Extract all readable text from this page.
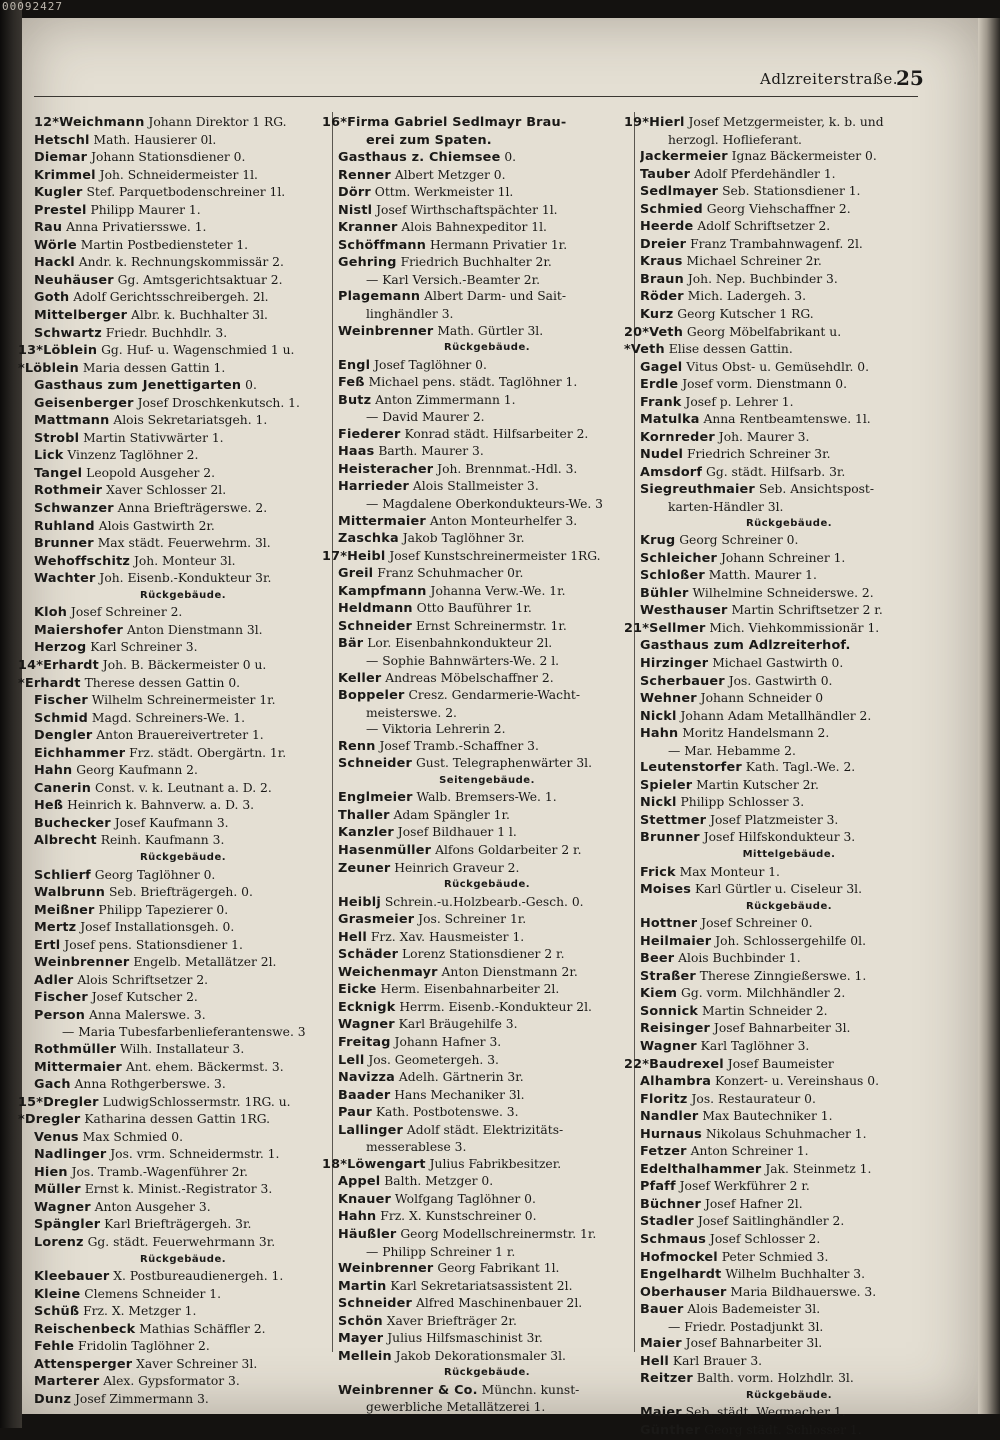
00092427
Adlzreiterstraße.
25
12*Weichmann Johann Direktor 1 RG.
Hetschl Math. Hausierer 0l.
Diemar Johann Stationsdiener 0.
Krimmel Joh. Schneidermeister 1l.
Kugler Stef. Parquetbodenschreiner 1l.
Prestel Philipp Maurer 1.
Rau Anna Privatiersswe. 1.
Wörle Martin Postbediensteter 1.
Hackl Andr. k. Rechnungskommissär 2.
Neuhäuser Gg. Amtsgerichtsaktuar 2.
Goth Adolf Gerichtsschreibergeh. 2l.
Mittelberger Albr. k. Buchhalter 3l.
Schwartz Friedr. Buchhdlr. 3.
13*Löblein Gg. Huf- u. Wagenschmied 1 u.
*Löblein Maria dessen Gattin 1.
Gasthaus zum Jenettigarten 0.
Geisenberger Josef Droschkenkutsch. 1.
Mattmann Alois Sekretariatsgeh. 1.
Strobl Martin Stativwärter 1.
Lick Vinzenz Taglöhner 2.
Tangel Leopold Ausgeher 2.
Rothmeir Xaver Schlosser 2l.
Schwanzer Anna Briefträgerswe. 2.
Ruhland Alois Gastwirth 2r.
Brunner Max städt. Feuerwehrm. 3l.
Wehoffschitz Joh. Monteur 3l.
Wachter Joh. Eisenb.-Kondukteur 3r.
Rückgebäude.
Kloh Josef Schreiner 2.
Maiershofer Anton Dienstmann 3l.
Herzog Karl Schreiner 3.
14*Erhardt Joh. B. Bäckermeister 0 u.
*Erhardt Therese dessen Gattin 0.
Fischer Wilhelm Schreinermeister 1r.
Schmid Magd. Schreiners-We. 1.
Dengler Anton Brauereivertreter 1.
Eichhammer Frz. städt. Obergärtn. 1r.
Hahn Georg Kaufmann 2.
Canerin Const. v. k. Leutnant a. D. 2.
Heß Heinrich k. Bahnverw. a. D. 3.
Buchecker Josef Kaufmann 3.
Albrecht Reinh. Kaufmann 3.
Rückgebäude.
Schlierf Georg Taglöhner 0.
Walbrunn Seb. Briefträgergeh. 0.
Meißner Philipp Tapezierer 0.
Mertz Josef Installationsgeh. 0.
Ertl Josef pens. Stationsdiener 1.
Weinbrenner Engelb. Metallätzer 2l.
Adler Alois Schriftsetzer 2.
Fischer Josef Kutscher 2.
Person Anna Malerswe. 3.
— Maria Tubesfarbenlieferantenswe. 3
Rothmüller Wilh. Installateur 3.
Mittermaier Ant. ehem. Bäckermst. 3.
Gach Anna Rothgerberswe. 3.
15*Dregler LudwigSchlossermstr. 1RG. u.
*Dregler Katharina dessen Gattin 1RG.
Venus Max Schmied 0.
Nadlinger Jos. vrm. Schneidermstr. 1.
Hien Jos. Tramb.-Wagenführer 2r.
Müller Ernst k. Minist.-Registrator 3.
Wagner Anton Ausgeher 3.
Spängler Karl Briefträgergeh. 3r.
Lorenz Gg. städt. Feuerwehrmann 3r.
Rückgebäude.
Kleebauer X. Postbureaudienergeh. 1.
Kleine Clemens Schneider 1.
Schüß Frz. X. Metzger 1.
Reischenbeck Mathias Schäffler 2.
Fehle Fridolin Taglöhner 2.
Attensperger Xaver Schreiner 3l.
Marterer Alex. Gypsformator 3.
Dunz Josef Zimmermann 3.
16*Firma Gabriel Sedlmayr Brau-
erei zum Spaten.
Gasthaus z. Chiemsee 0.
Renner Albert Metzger 0.
Dörr Ottm. Werkmeister 1l.
Nistl Josef Wirthschaftspächter 1l.
Kranner Alois Bahnexpeditor 1l.
Schöffmann Hermann Privatier 1r.
Gehring Friedrich Buchhalter 2r.
— Karl Versich.-Beamter 2r.
Plagemann Albert Darm- und Sait-
linghändler 3.
Weinbrenner Math. Gürtler 3l.
Rückgebäude.
Engl Josef Taglöhner 0.
Feß Michael pens. städt. Taglöhner 1.
Butz Anton Zimmermann 1.
— David Maurer 2.
Fiederer Konrad städt. Hilfsarbeiter 2.
Haas Barth. Maurer 3.
Heisteracher Joh. Brennmat.-Hdl. 3.
Harrieder Alois Stallmeister 3.
— Magdalene Oberkondukteurs-We. 3
Mittermaier Anton Monteurhelfer 3.
Zaschka Jakob Taglöhner 3r.
17*Heibl Josef Kunstschreinermeister 1RG.
Greil Franz Schuhmacher 0r.
Kampfmann Johanna Verw.-We. 1r.
Heldmann Otto Bauführer 1r.
Schneider Ernst Schreinermstr. 1r.
Bär Lor. Eisenbahnkondukteur 2l.
— Sophie Bahnwärters-We. 2 l.
Keller Andreas Möbelschaffner 2.
Boppeler Cresz. Gendarmerie-Wacht-
meisterswe. 2.
— Viktoria Lehrerin 2.
Renn Josef Tramb.-Schaffner 3.
Schneider Gust. Telegraphenwärter 3l.
Seitengebäude.
Englmeier Walb. Bremsers-We. 1.
Thaller Adam Spängler 1r.
Kanzler Josef Bildhauer 1 l.
Hasenmüller Alfons Goldarbeiter 2 r.
Zeuner Heinrich Graveur 2.
Rückgebäude.
Heiblj Schrein.-u.Holzbearb.-Gesch. 0.
Grasmeier Jos. Schreiner 1r.
Hell Frz. Xav. Hausmeister 1.
Schäder Lorenz Stationsdiener 2 r.
Weichenmayr Anton Dienstmann 2r.
Eicke Herm. Eisenbahnarbeiter 2l.
Ecknigk Herrm. Eisenb.-Kondukteur 2l.
Wagner Karl Bräugehilfe 3.
Freitag Johann Hafner 3.
Lell Jos. Geometergeh. 3.
Navizza Adelh. Gärtnerin 3r.
Baader Hans Mechaniker 3l.
Paur Kath. Postbotenswe. 3.
Lallinger Adolf städt. Elektrizitäts-
messerablese 3.
18*Löwengart Julius Fabrikbesitzer.
Appel Balth. Metzger 0.
Knauer Wolfgang Taglöhner 0.
Hahn Frz. X. Kunstschreiner 0.
Häußler Georg Modellschreinermstr. 1r.
— Philipp Schreiner 1 r.
Weinbrenner Georg Fabrikant 1l.
Martin Karl Sekretariatsassistent 2l.
Schneider Alfred Maschinenbauer 2l.
Schön Xaver Briefträger 2r.
Mayer Julius Hilfsmaschinist 3r.
Mellein Jakob Dekorationsmaler 3l.
Rückgebäude.
Weinbrenner & Co. Münchn. kunst-
gewerbliche Metallätzerei 1.
19*Hierl Josef Metzgermeister, k. b. und
herzogl. Hoflieferant.
Jackermeier Ignaz Bäckermeister 0.
Tauber Adolf Pferdehändler 1.
Sedlmayer Seb. Stationsdiener 1.
Schmied Georg Viehschaffner 2.
Heerde Adolf Schriftsetzer 2.
Dreier Franz Trambahnwagenf. 2l.
Kraus Michael Schreiner 2r.
Braun Joh. Nep. Buchbinder 3.
Röder Mich. Ladergeh. 3.
Kurz Georg Kutscher 1 RG.
20*Veth Georg Möbelfabrikant u.
*Veth Elise dessen Gattin.
Gagel Vitus Obst- u. Gemüsehdlr. 0.
Erdle Josef vorm. Dienstmann 0.
Frank Josef p. Lehrer 1.
Matulka Anna Rentbeamtenswe. 1l.
Kornreder Joh. Maurer 3.
Nudel Friedrich Schreiner 3r.
Amsdorf Gg. städt. Hilfsarb. 3r.
Siegreuthmaier Seb. Ansichtspost-
karten-Händler 3l.
Rückgebäude.
Krug Georg Schreiner 0.
Schleicher Johann Schreiner 1.
Schloßer Matth. Maurer 1.
Bühler Wilhelmine Schneiderswe. 2.
Westhauser Martin Schriftsetzer 2 r.
21*Sellmer Mich. Viehkommissionär 1.
Gasthaus zum Adlzreiterhof.
Hirzinger Michael Gastwirth 0.
Scherbauer Jos. Gastwirth 0.
Wehner Johann Schneider 0
Nickl Johann Adam Metallhändler 2.
Hahn Moritz Handelsmann 2.
— Mar. Hebamme 2.
Leutenstorfer Kath. Tagl.-We. 2.
Spieler Martin Kutscher 2r.
Nickl Philipp Schlosser 3.
Stettmer Josef Platzmeister 3.
Brunner Josef Hilfskondukteur 3.
Mittelgebäude.
Frick Max Monteur 1.
Moises Karl Gürtler u. Ciseleur 3l.
Rückgebäude.
Hottner Josef Schreiner 0.
Heilmaier Joh. Schlossergehilfe 0l.
Beer Alois Buchbinder 1.
Straßer Therese Zinngießerswe. 1.
Kiem Gg. vorm. Milchhändler 2.
Sonnick Martin Schneider 2.
Reisinger Josef Bahnarbeiter 3l.
Wagner Karl Taglöhner 3.
22*Baudrexel Josef Baumeister
Alhambra Konzert- u. Vereinshaus 0.
Floritz Jos. Restaurateur 0.
Nandler Max Bautechniker 1.
Hurnaus Nikolaus Schuhmacher 1.
Fetzer Anton Schreiner 1.
Edelthalhammer Jak. Steinmetz 1.
Pfaff Josef Werkführer 2 r.
Büchner Josef Hafner 2l.
Stadler Josef Saitlinghändler 2.
Schmaus Josef Schlosser 2.
Hofmockel Peter Schmied 3.
Engelhardt Wilhelm Buchhalter 3.
Oberhauser Maria Bildhauerswe. 3.
Bauer Alois Bademeister 3l.
— Friedr. Postadjunkt 3l.
Maier Josef Bahnarbeiter 3l.
Hell Karl Brauer 3.
Reitzer Balth. vorm. Holzhdlr. 3l.
Rückgebäude.
Maier Seb. städt. Wegmacher 1.
Günther Georg städt. Schlosser 1.
